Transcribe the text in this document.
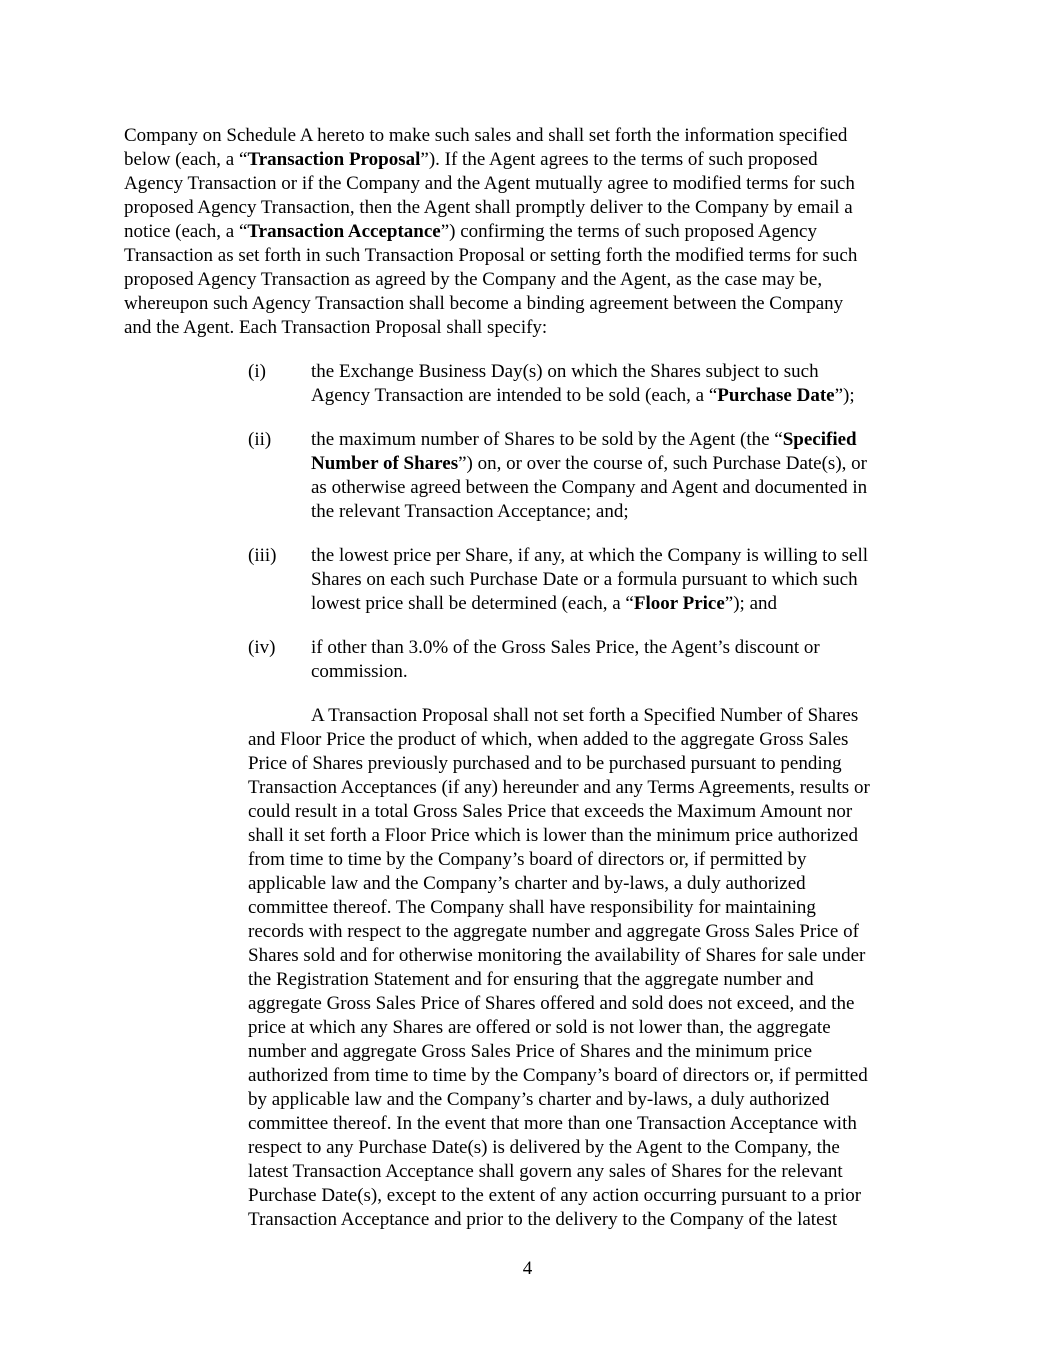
Company on Schedule A hereto to make such sales and shall set forth the information specified
below (each, a “Transaction Proposal”). If the Agent agrees to the terms of such proposed
Agency Transaction or if the Company and the Agent mutually agree to modified terms for such
proposed Agency Transaction, then the Agent shall promptly deliver to the Company by email a
notice (each, a “Transaction Acceptance”) confirming the terms of such proposed Agency
Transaction as set forth in such Transaction Proposal or setting forth the modified terms for such
proposed Agency Transaction as agreed by the Company and the Agent, as the case may be,
whereupon such Agency Transaction shall become a binding agreement between the Company
and the Agent. Each Transaction Proposal shall specify:
(i) the Exchange Business Day(s) on which the Shares subject to such
Agency Transaction are intended to be sold (each, a “Purchase Date”);
(ii) the maximum number of Shares to be sold by the Agent (the “Specified
Number of Shares”) on, or over the course of, such Purchase Date(s), or
as otherwise agreed between the Company and Agent and documented in
the relevant Transaction Acceptance; and;
(iii) the lowest price per Share, if any, at which the Company is willing to sell
Shares on each such Purchase Date or a formula pursuant to which such
lowest price shall be determined (each, a “Floor Price”); and
(iv) if other than 3.0% of the Gross Sales Price, the Agent’s discount or
commission.
A Transaction Proposal shall not set forth a Specified Number of Shares
and Floor Price the product of which, when added to the aggregate Gross Sales
Price of Shares previously purchased and to be purchased pursuant to pending
Transaction Acceptances (if any) hereunder and any Terms Agreements, results or
could result in a total Gross Sales Price that exceeds the Maximum Amount nor
shall it set forth a Floor Price which is lower than the minimum price authorized
from time to time by the Company’s board of directors or, if permitted by
applicable law and the Company’s charter and by-laws, a duly authorized
committee thereof. The Company shall have responsibility for maintaining
records with respect to the aggregate number and aggregate Gross Sales Price of
Shares sold and for otherwise monitoring the availability of Shares for sale under
the Registration Statement and for ensuring that the aggregate number and
aggregate Gross Sales Price of Shares offered and sold does not exceed, and the
price at which any Shares are offered or sold is not lower than, the aggregate
number and aggregate Gross Sales Price of Shares and the minimum price
authorized from time to time by the Company’s board of directors or, if permitted
by applicable law and the Company’s charter and by-laws, a duly authorized
committee thereof. In the event that more than one Transaction Acceptance with
respect to any Purchase Date(s) is delivered by the Agent to the Company, the
latest Transaction Acceptance shall govern any sales of Shares for the relevant
Purchase Date(s), except to the extent of any action occurring pursuant to a prior
Transaction Acceptance and prior to the delivery to the Company of the latest
4
